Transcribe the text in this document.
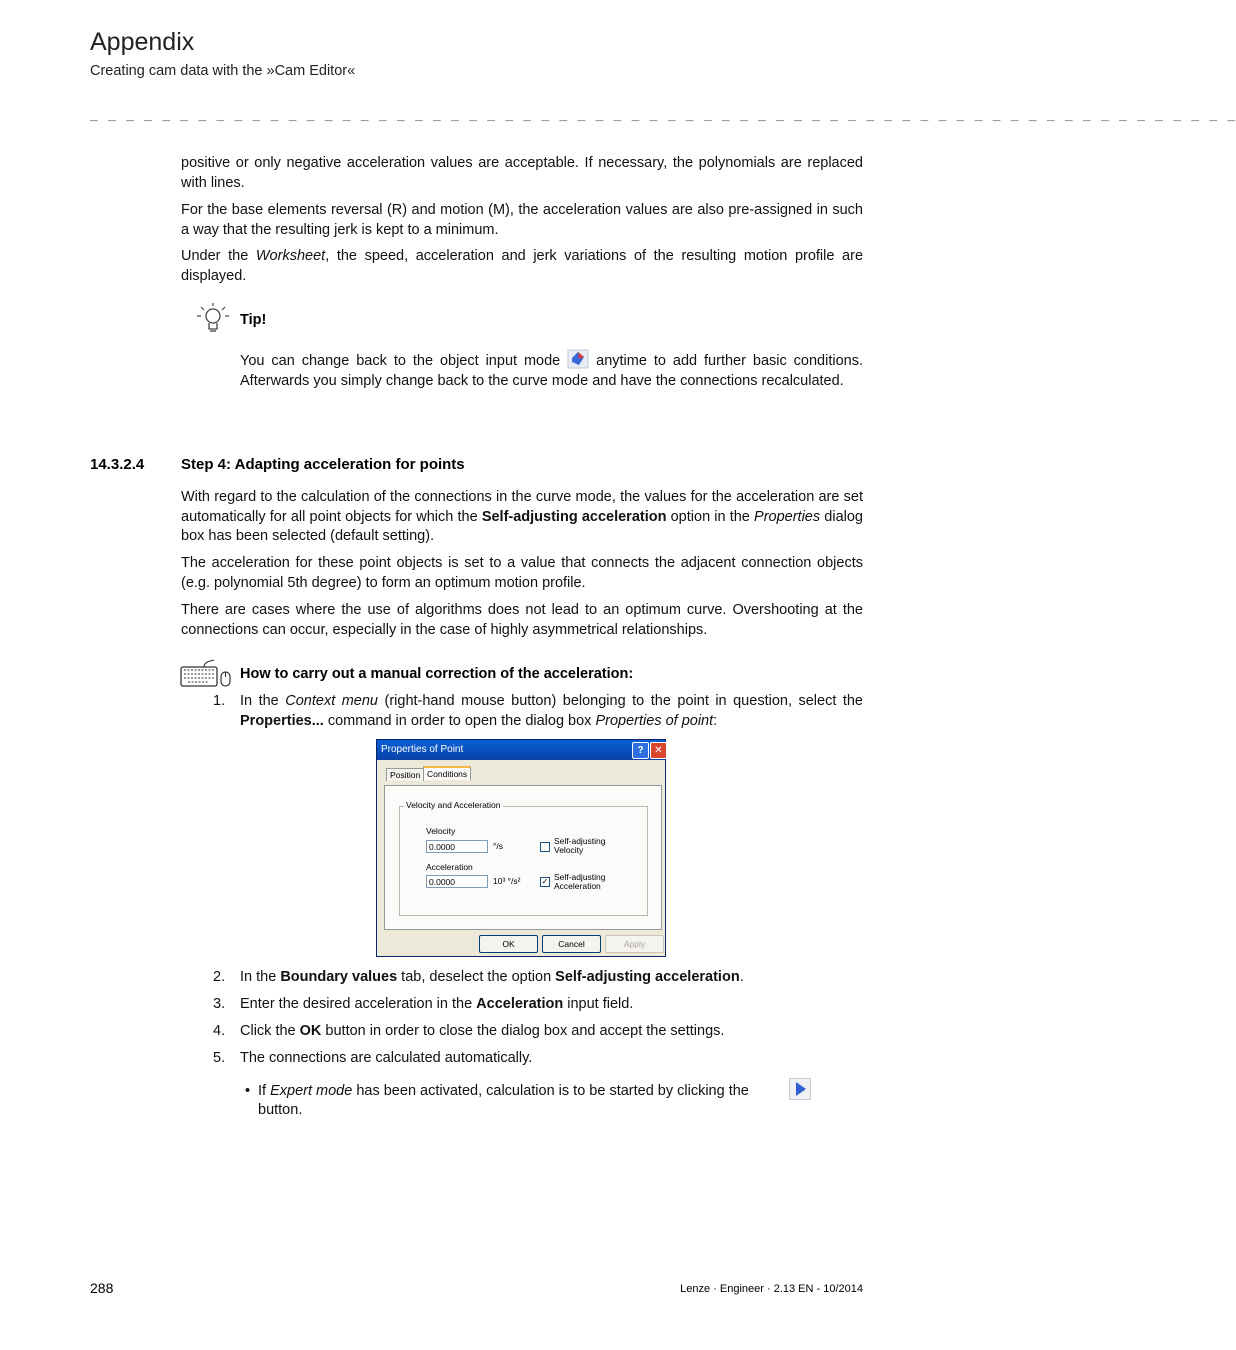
Appendix
Creating cam data with the »Cam Editor«
_ _ _ _ _ _ _ _ _ _ _ _ _ _ _ _ _ _ _ _ _ _ _ _ _ _ _ _ _ _ _ _ _ _ _ _ _ _ _ _ _ _ _ _ _ _ _ _ _ _ _ _ _ _ _ _ _ _ _ _ _ _ _ _
positive or only negative acceleration values are acceptable. If necessary, the polynomials are replaced with lines.
For the base elements reversal (R) and motion (M), the acceleration values are also pre-assigned in such a way that the resulting jerk is kept to a minimum.
Under the Worksheet, the speed, acceleration and jerk variations of the resulting motion profile are displayed.
Tip!
You can change back to the object input mode  anytime to add further basic conditions. Afterwards you simply change back to the curve mode and have the connections recalculated.
14.3.2.4 Step 4: Adapting acceleration for points
With regard to the calculation of the connections in the curve mode, the values for the acceleration are set automatically for all point objects for which the Self-adjusting acceleration option in the Properties dialog box has been selected (default setting).
The acceleration for these point objects is set to a value that connects the adjacent connection objects (e.g. polynomial 5th degree) to form an optimum motion profile.
There are cases where the use of algorithms does not lead to an optimum curve. Overshooting at the connections can occur, especially in the case of highly asymmetrical relationships.
How to carry out a manual correction of the acceleration:
1. In the Context menu (right-hand mouse button) belonging to the point in question, select the Properties... command in order to open the dialog box Properties of point:
Properties of Point	?	✕
Position Conditions
Velocity and Acceleration
Velocity
0.0000	°/s	Self-adjusting Velocity
Acceleration
0.0000	10³ °/s²	✓ Self-adjusting Acceleration
OK	Cancel	Apply
2. In the Boundary values tab, deselect the option Self-adjusting acceleration.
3. Enter the desired acceleration in the Acceleration input field.
4. Click the OK button in order to close the dialog box and accept the settings.
5. The connections are calculated automatically.
• If Expert mode has been activated, calculation is to be started by clicking the
button.
288	Lenze · Engineer · 2.13 EN - 10/2014
